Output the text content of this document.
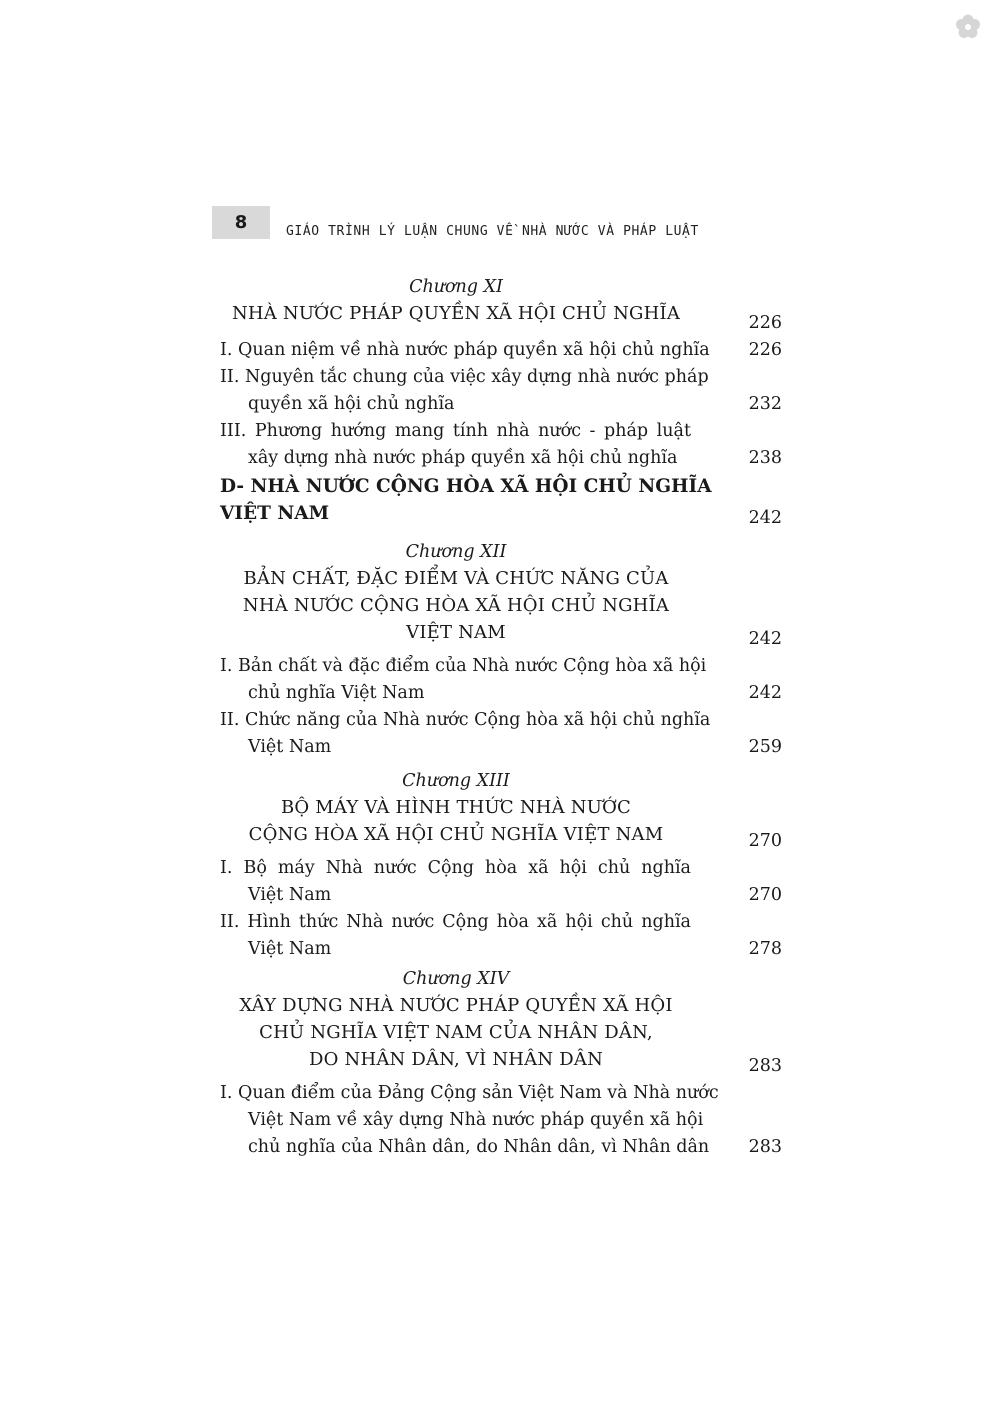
8	GIÁO TRÌNH LÝ LUẬN CHUNG VỀ NHÀ NƯỚC VÀ PHÁP LUẬT
Chương XI
NHÀ NƯỚC PHÁP QUYỀN XÃ HỘI CHỦ NGHĨA	226
I. Quan niệm về nhà nước pháp quyền xã hội chủ nghĩa 226
II. Nguyên tắc chung của việc xây dựng nhà nước pháp
quyền xã hội chủ nghĩa	232
III. Phương hướng mang tính nhà nước - pháp luật
xây dựng nhà nước pháp quyền xã hội chủ nghĩa	238
D- NHÀ NƯỚC CỘNG HÒA XÃ HỘI CHỦ NGHĨA
VIỆT NAM	242
Chương XII
BẢN CHẤT, ĐẶC ĐIỂM VÀ CHỨC NĂNG CỦA
NHÀ NƯỚC CỘNG HÒA XÃ HỘI CHỦ NGHĨA
VIỆT NAM	242
I. Bản chất và đặc điểm của Nhà nước Cộng hòa xã hội
chủ nghĩa Việt Nam	242
II. Chức năng của Nhà nước Cộng hòa xã hội chủ nghĩa
Việt Nam	259
Chương XIII
BỘ MÁY VÀ HÌNH THỨC NHÀ NƯỚC
CỘNG HÒA XÃ HỘI CHỦ NGHĨA VIỆT NAM	270
I. Bộ máy Nhà nước Cộng hòa xã hội chủ nghĩa
Việt Nam	270
II. Hình thức Nhà nước Cộng hòa xã hội chủ nghĩa
Việt Nam	278
Chương XIV
XÂY DỰNG NHÀ NƯỚC PHÁP QUYỀN XÃ HỘI
CHỦ NGHĨA VIỆT NAM CỦA NHÂN DÂN,
DO NHÂN DÂN, VÌ NHÂN DÂN	283
I. Quan điểm của Đảng Cộng sản Việt Nam và Nhà nước
Việt Nam về xây dựng Nhà nước pháp quyền xã hội
chủ nghĩa của Nhân dân, do Nhân dân, vì Nhân dân 283
